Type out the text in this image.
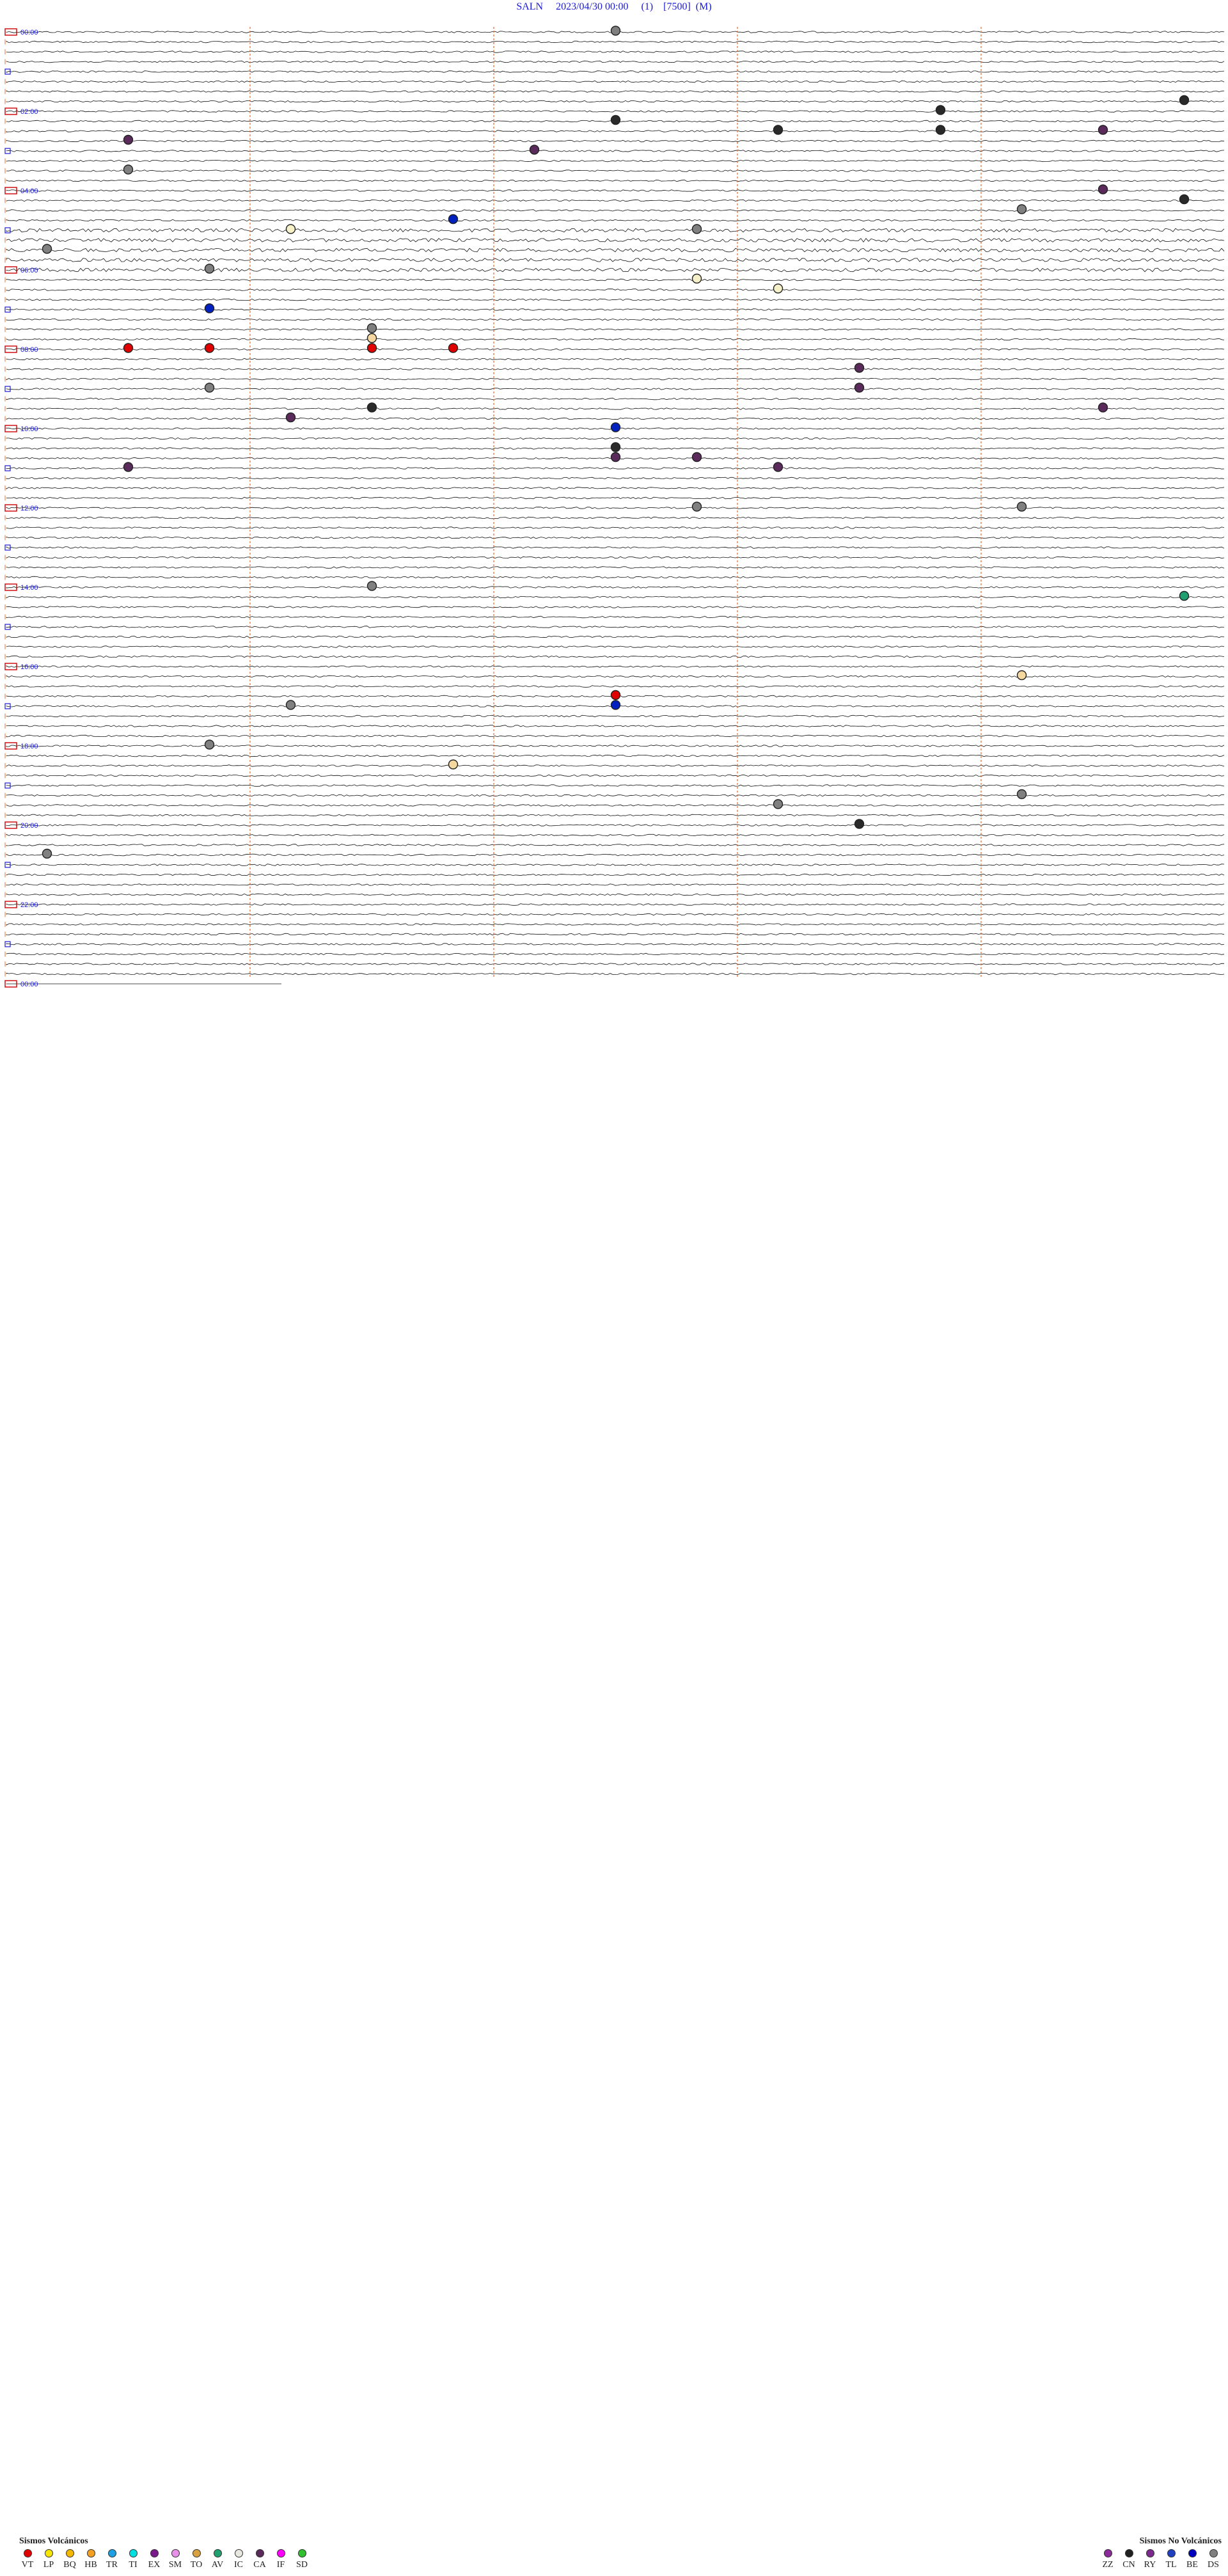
SALN 2023/04/30 00:00 (1) [7500] (M)
00:00
02:00
04:00
06:00
08:00
10:00
12:00
14:00
16:00
18:00
20:00
22:00
00:00
Sismos Volcánicos
VT LP BQ HB TR TI EX SM TO AV IC CA IF SD
Sismos No Volcánicos
ZZ CN RY TL BE DS
